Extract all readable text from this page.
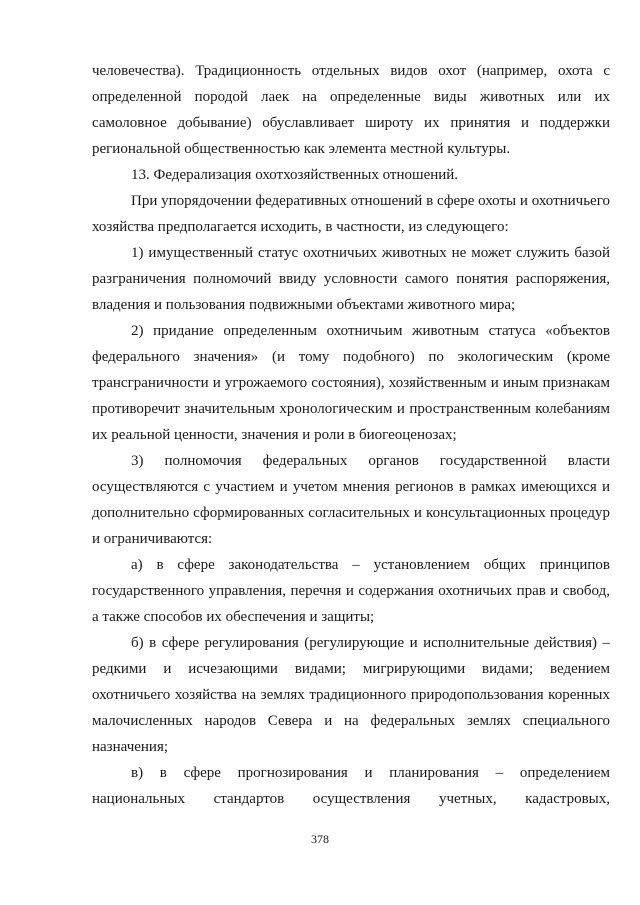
человечества). Традиционность отдельных видов охот (например, охота с определенной породой лаек на определенные виды животных или их самоловное добывание) обуславливает широту их принятия и поддержки региональной общественностью как элемента местной культуры.

13. Федерализация охотхозяйственных отношений.

При упорядочении федеративных отношений в сфере охоты и охотничьего хозяйства предполагается исходить, в частности, из следующего:

1) имущественный статус охотничьих животных не может служить базой разграничения полномочий ввиду условности самого понятия распоряжения, владения и пользования подвижными объектами животного мира;

2) придание определенным охотничьим животным статуса «объектов федерального значения» (и тому подобного) по экологическим (кроме трансграничности и угрожаемого состояния), хозяйственным и иным признакам противоречит значительным хронологическим и пространственным колебаниям их реальной ценности, значения и роли в биогеоценозах;

3) полномочия федеральных органов государственной власти осуществляются с участием и учетом мнения регионов в рамках имеющихся и дополнительно сформированных согласительных и консультационных процедур и ограничиваются:

а) в сфере законодательства – установлением общих принципов государственного управления, перечня и содержания охотничьих прав и свобод, а также способов их обеспечения и защиты;

б) в сфере регулирования (регулирующие и исполнительные действия) – редкими и исчезающими видами; мигрирующими видами; ведением охотничьего хозяйства на землях традиционного природопользования коренных малочисленных народов Севера и на федеральных землях специального назначения;

в) в сфере прогнозирования и планирования – определением национальных стандартов осуществления учетных, кадастровых,

378
